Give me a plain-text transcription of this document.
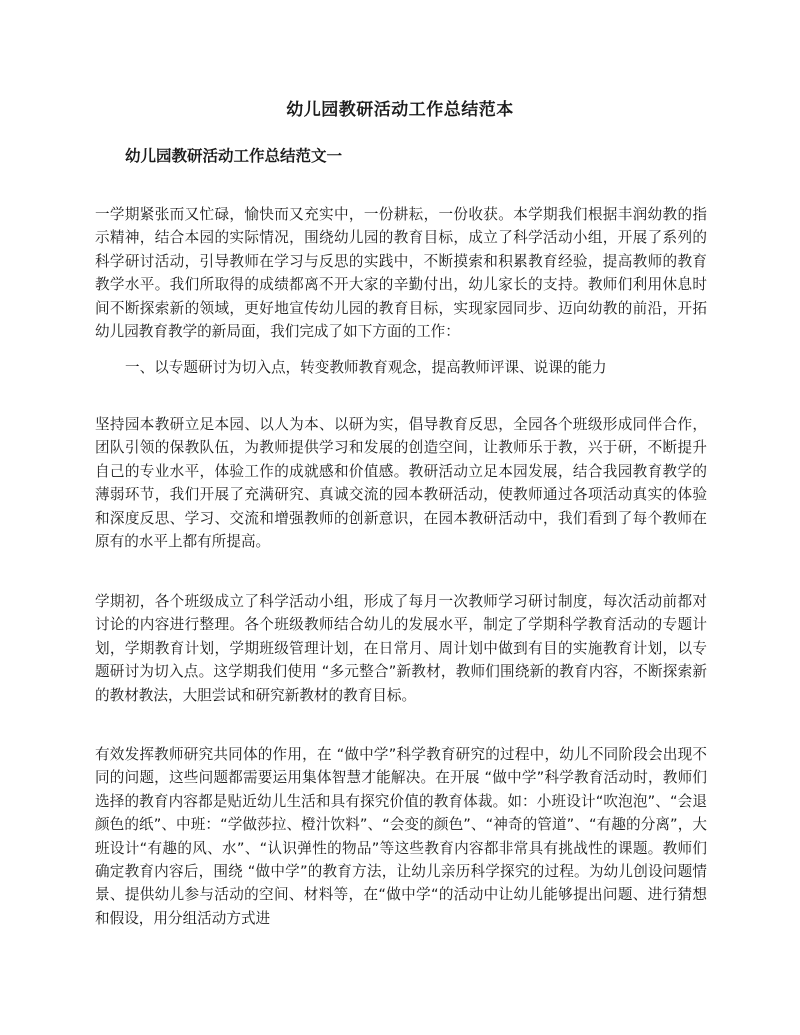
幼儿园教研活动工作总结范本
幼儿园教研活动工作总结范文一

一学期紧张而又忙碌，愉快而又充实中，一份耕耘，一份收获。本学期我们根据丰润幼教的指示精神，结合本园的实际情况，围绕幼儿园的教育目标，成立了科学活动小组，开展了系列的科学研讨活动，引导教师在学习与反思的实践中，不断摸索和积累教育经验，提高教师的教育教学水平。我们所取得的成绩都离不开大家的辛勤付出，幼儿家长的支持。教师们利用休息时间不断探索新的领域，更好地宣传幼儿园的教育目标，实现家园同步、迈向幼教的前沿，开拓幼儿园教育教学的新局面，我们完成了如下方面的工作：

一、以专题研讨为切入点，转变教师教育观念，提高教师评课、说课的能力

坚持园本教研立足本园、以人为本、以研为实，倡导教育反思，全园各个班级形成同伴合作，团队引领的保教队伍，为教师提供学习和发展的创造空间，让教师乐于教，兴于研，不断提升自己的专业水平，体验工作的成就感和价值感。教研活动立足本园发展，结合我园教育教学的薄弱环节，我们开展了充满研究、真诚交流的园本教研活动，使教师通过各项活动真实的体验和深度反思、学习、交流和增强教师的创新意识，在园本教研活动中，我们看到了每个教师在原有的水平上都有所提高。

学期初，各个班级成立了科学活动小组，形成了每月一次教师学习研讨制度，每次活动前都对讨论的内容进行整理。各个班级教师结合幼儿的发展水平，制定了学期科学教育活动的专题计划，学期教育计划，学期班级管理计划，在日常月、周计划中做到有目的实施教育计划，以专题研讨为切入点。这学期我们使用 “多元整合”新教材，教师们围绕新的教育内容，不断探索新的教材教法，大胆尝试和研究新教材的教育目标。

有效发挥教师研究共同体的作用，在 “做中学”科学教育研究的过程中，幼儿不同阶段会出现不同的问题，这些问题都需要运用集体智慧才能解决。在开展 “做中学”科学教育活动时，教师们选择的教育内容都是贴近幼儿生活和具有探究价值的教育体裁。如：小班设计“吹泡泡”、“会退颜色的纸”、中班：“学做莎拉、橙汁饮料”、“会变的颜色”、“神奇的管道”、“有趣的分离”，大班设计“有趣的风、水”、“认识弹性的物品”等这些教育内容都非常具有挑战性的课题。教师们确定教育内容后，围绕 “做中学”的教育方法，让幼儿亲历科学探究的过程。为幼儿创设问题情景、提供幼儿参与活动的空间、材料等，在“做中学“的活动中让幼儿能够提出问题、进行猜想和假设，用分组活动方式进
